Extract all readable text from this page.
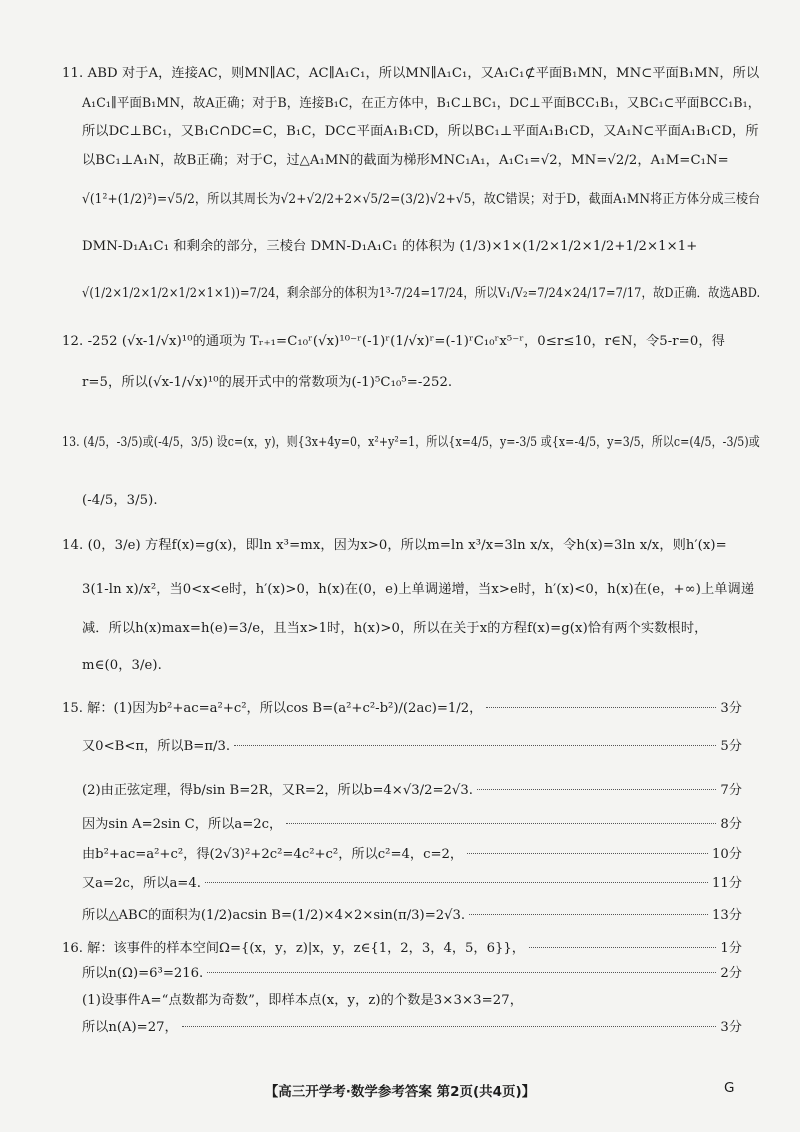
11. ABD 对于A，连接AC，则MN∥AC，AC∥A₁C₁，所以MN∥A₁C₁，又A₁C₁⊄平面B₁MN，MN⊂平面B₁MN，所以
A₁C₁∥平面B₁MN，故A正确；对于B，连接B₁C，在正方体中，B₁C⊥BC₁，DC⊥平面BCC₁B₁，又BC₁⊂平面BCC₁B₁，
所以DC⊥BC₁，又B₁C∩DC=C，B₁C，DC⊂平面A₁B₁CD，所以BC₁⊥平面A₁B₁CD，又A₁N⊂平面A₁B₁CD，所
以BC₁⊥A₁N，故B正确；对于C，过△A₁MN的截面为梯形MNC₁A₁，A₁C₁=√2，MN=√2/2，A₁M=C₁N=
√(1²+(1/2)²)=√5/2，所以其周长为√2+√2/2+2×√5/2=(3/2)√2+√5，故C错误；对于D，截面A₁MN将正方体分成三棱台
DMN-D₁A₁C₁ 和剩余的部分，三棱台 DMN-D₁A₁C₁ 的体积为 (1/3)×1×(1/2×1/2×1/2+1/2×1×1+
√(1/2×1/2×1/2×1/2×1×1))=7/24，剩余部分的体积为1³-7/24=17/24，所以V₁/V₂=7/24×24/17=7/17，故D正确．故选ABD.
12. -252 (√x-1/√x)¹⁰的通项为 Tᵣ₊₁=C₁₀ʳ(√x)¹⁰⁻ʳ(-1)ʳ(1/√x)ʳ=(-1)ʳC₁₀ʳx⁵⁻ʳ，0≤r≤10，r∈N，令5-r=0，得
r=5，所以(√x-1/√x)¹⁰的展开式中的常数项为(-1)⁵C₁₀⁵=-252.
13. (4/5，-3/5)或(-4/5，3/5) 设c=(x，y)，则{3x+4y=0，x²+y²=1，所以{x=4/5，y=-3/5 或{x=-4/5，y=3/5，所以c=(4/5，-3/5)或
(-4/5，3/5).
14. (0，3/e) 方程f(x)=g(x)，即ln x³=mx，因为x>0，所以m=ln x³/x=3ln x/x，令h(x)=3ln x/x，则h′(x)=
3(1-ln x)/x²，当0<x<e时，h′(x)>0，h(x)在(0，e)上单调递增，当x>e时，h′(x)<0，h(x)在(e，+∞)上单调递
减．所以h(x)max=h(e)=3/e，且当x>1时，h(x)>0，所以在关于x的方程f(x)=g(x)恰有两个实数根时，
m∈(0，3/e).
15. 解：(1)因为b²+ac=a²+c²，所以cos B=(a²+c²-b²)/(2ac)=1/2，	3分
又0<B<π，所以B=π/3.	5分
(2)由正弦定理，得b/sin B=2R，又R=2，所以b=4×√3/2=2√3.	7分
因为sin A=2sin C，所以a=2c，	8分
由b²+ac=a²+c²，得(2√3)²+2c²=4c²+c²，所以c²=4，c=2，	10分
又a=2c，所以a=4.	11分
所以△ABC的面积为(1/2)acsin B=(1/2)×4×2×sin(π/3)=2√3.	13分
16. 解：该事件的样本空间Ω={(x，y，z)|x，y，z∈{1，2，3，4，5，6}}，	1分
所以n(Ω)=6³=216.	2分
(1)设事件A=“点数都为奇数”，即样本点(x，y，z)的个数是3×3×3=27，
所以n(A)=27，	3分
【高三开学考·数学参考答案 第2页(共4页)】	G
